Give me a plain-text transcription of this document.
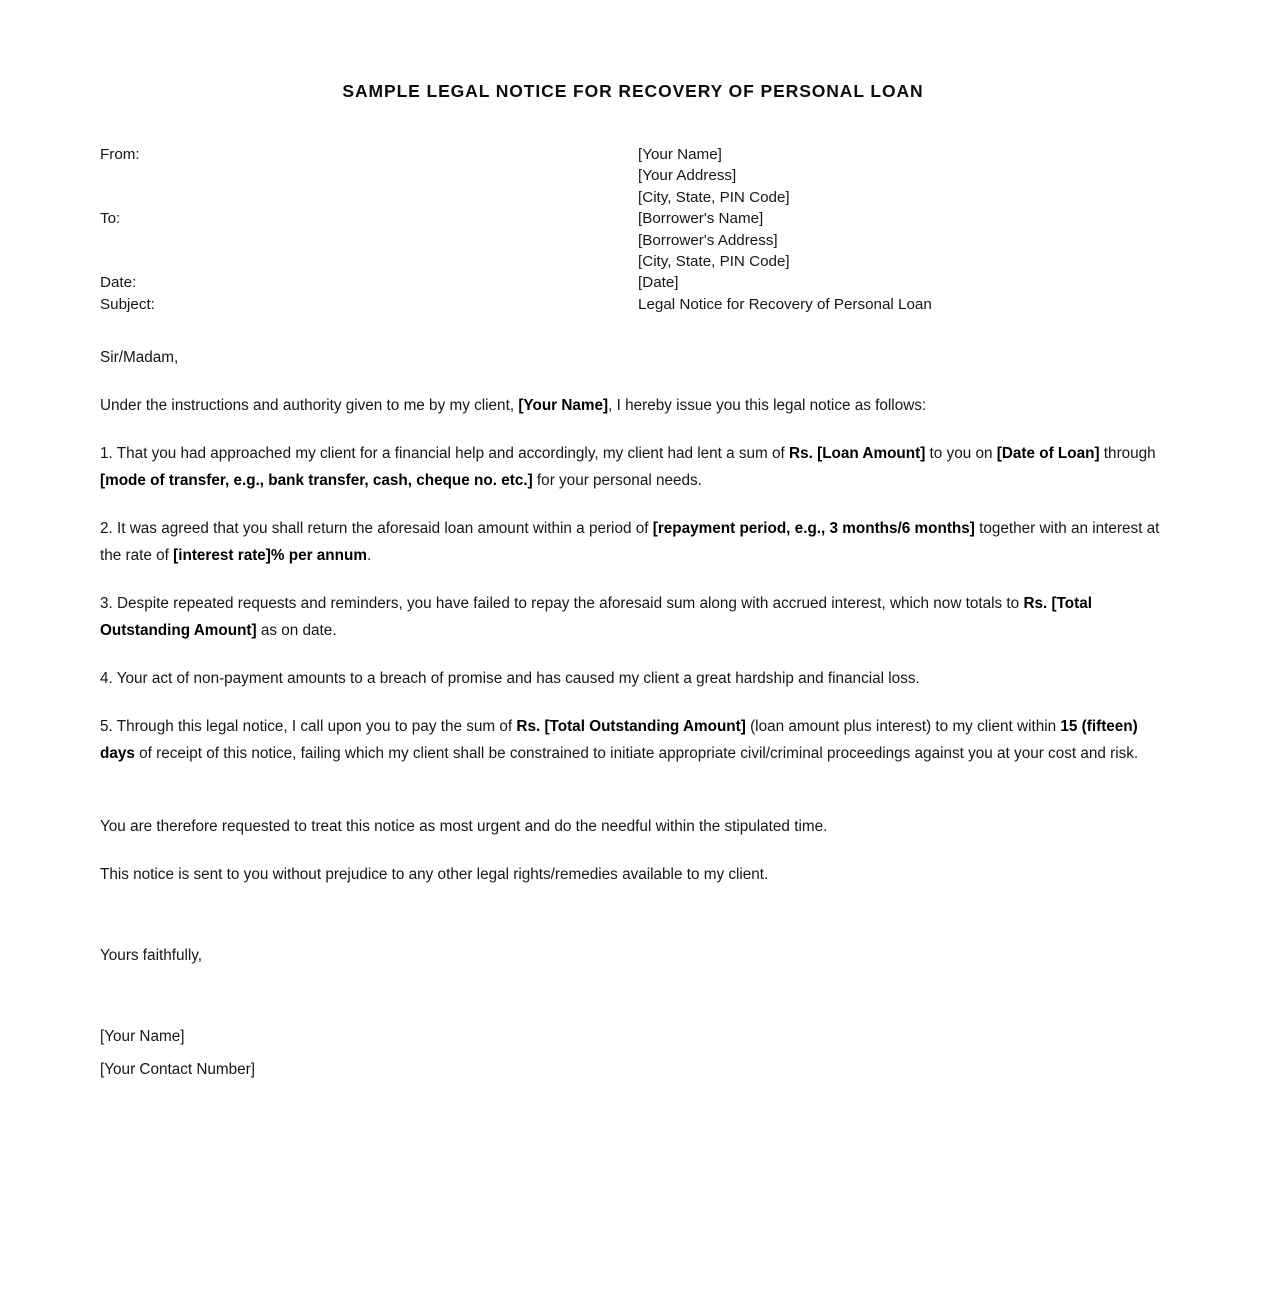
SAMPLE LEGAL NOTICE FOR RECOVERY OF PERSONAL LOAN
From:	[Your Name]
[Your Address]
[City, State, PIN Code]
To:	[Borrower's Name]
[Borrower's Address]
[City, State, PIN Code]
Date:	[Date]
Subject:	Legal Notice for Recovery of Personal Loan

Sir/Madam,

Under the instructions and authority given to me by my client, [Your Name], I hereby issue you this legal notice as follows:

1. That you had approached my client for a financial help and accordingly, my client had lent a sum of Rs. [Loan Amount] to you on [Date of Loan] through [mode of transfer, e.g., bank transfer, cash, cheque no. etc.] for your personal needs.

2. It was agreed that you shall return the aforesaid loan amount within a period of [repayment period, e.g., 3 months/6 months] together with an interest at the rate of [interest rate]% per annum.

3. Despite repeated requests and reminders, you have failed to repay the aforesaid sum along with accrued interest, which now totals to Rs. [Total Outstanding Amount] as on date.

4. Your act of non-payment amounts to a breach of promise and has caused my client a great hardship and financial loss.

5. Through this legal notice, I call upon you to pay the sum of Rs. [Total Outstanding Amount] (loan amount plus interest) to my client within 15 (fifteen) days of receipt of this notice, failing which my client shall be constrained to initiate appropriate civil/criminal proceedings against you at your cost and risk.

You are therefore requested to treat this notice as most urgent and do the needful within the stipulated time.

This notice is sent to you without prejudice to any other legal rights/remedies available to my client.

Yours faithfully,

[Your Name]

[Your Contact Number]
